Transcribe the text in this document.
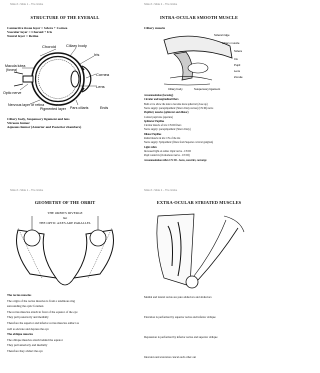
Slide # • Slide 1 – The Globe
STRUCTURE OF THE EYEBALL
Connective tissue layer = Sclera + Cornea
Vascular layer = Choroid + Iris
Neural layer = Retina
Choroid Ciliary body
Iris
Cornea
Lens
Macula lutea
(fovea)
Optic nerve
Nervous layer of retina
Pigmented layer Pars ciliaris	Ends
Ciliary body, Suspensory ligament and lens
Vitreous humor
Aqueous humor (Anterior and Posterior chambers)
Slide # • Slide 2 – The Globe
INTRA-OCULAR SMOOTH MUSCLE
Ciliary muscle
Scleral ridge
Ciliary muscle
Sclera
Iris
Pupil
Lens
Zonule
Ciliary body	Suspensory ligament
Accommodation (focusing)
Circular and longitudinal fibers
Both act to allow the lens to become more spherical (close up)
Nerve supply: parasympathetic (Short ciliary nerves) (CN III) nerve
Pupillary muscles (sphincter and dilator)
Control pupil size (aperture)
Sphincter Pupillae
Circular muscle of iris: CN III fibers
Nerve supply: parasympathetic (Short ciliary)
Dilator Pupillae
Radial muscle in iris: CN of the iris
Nerve supply: Sympathetic (fibers from Superior cervical ganglion)
Light reflex
Increased light on retina: Optic nerve - CN III
Pupil constricts (Oculomotor nerve - CN III)
Accommodation reflex CN III – focus, constrict, converge
Slide # • Slide 1 – The Globe
GEOMETRY OF THE ORBIT
THE ORBITS DIVERGE
but
THE OPTIC AXES ARE PARALLEL
The rectus muscles
The origin of the rectus muscles is from a tendinous ring
surrounding the optic foramen
The rectus muscles attach in front of the equator of the eye
They pull posteriorly and medially
Therefore the superior and inferior rectus muscles adduct as
well as elevate and depress the eye
The oblique muscles
The oblique muscles attach behind the equator
They pull anteriorly and medially
Therefore they abduct the eye
Slide # • Slide 2 – The Globe
EXTRA-OCULAR STRIATED MUSCLES
Medial and lateral rectus are pure adductors and abductors
Elevation is performed by superior rectus and inferior oblique
Depression is performed by inferior rectus and superior oblique
Intorsion and extorsion cancel each other out
